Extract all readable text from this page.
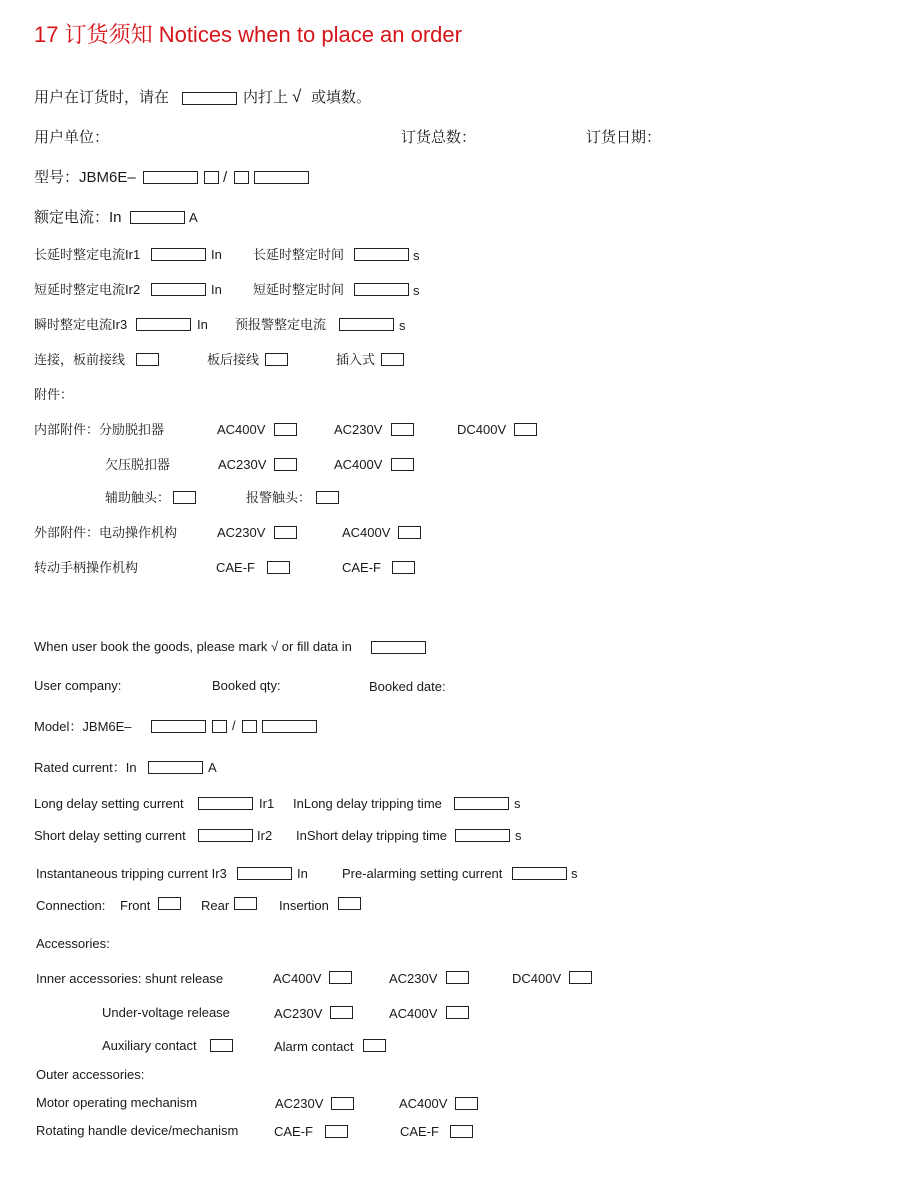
17 订货须知 Notices when to place an order
用户在订货时，请在	内打上 √ 或填数。
用户单位：	订货总数：	订货日期：
型号：JBM6E–	/
额定电流：In	A
长延时整定电流Ir1	In 长延时整定时间	s
短延时整定电流Ir2	In 短延时整定时间	s
瞬时整定电流Ir3	In 预报警整定电流	s
连接，板前接线	板后接线	插入式
附件：
内部附件：分励脱扣器	AC400V	AC230V	DC400V
欠压脱扣器	AC230V	AC400V
辅助触头：	报警触头：
外部附件：电动操作机构	AC230V	AC400V
转动手柄操作机构	CAE-F	CAE-F
When user book the goods, please mark √ or fill data in
User company:	Booked qty:	Booked date:
Model：JBM6E–	/
Rated current：In	A
Long delay setting current	Ir1 InLong delay tripping time	s
Short delay setting current	Ir2 InShort delay tripping time	s
Instantaneous tripping current Ir3	In	Pre-alarming setting current	s
Connection: Front	Rear	Insertion
Accessories:
Inner accessories: shunt release	AC400V	AC230V	DC400V
Under-voltage release	AC230V	AC400V
Auxiliary contact	Alarm contact
Outer accessories:
Motor operating mechanism	AC230V	AC400V
Rotating handle device/mechanism	CAE-F	CAE-F
